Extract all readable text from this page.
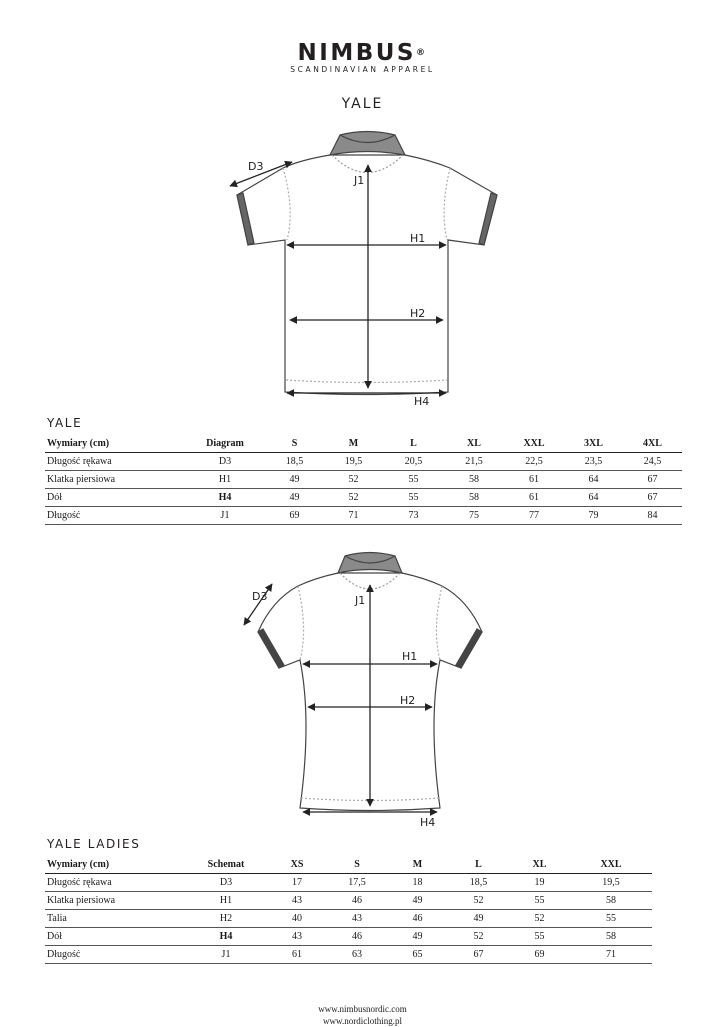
NIMBUS®
SCANDINAVIAN APPAREL
YALE
D3
J1
H1
H2
H4
YALE
Wymiary (cm)	Diagram	S	M	L	XL	XXL	3XL	4XL
Długość rękawa	D3	18,5	19,5	20,5	21,5	22,5	23,5	24,5
Klatka piersiowa	H1	49	52	55	58	61	64	67
Dół	H4	49	52	55	58	61	64	67
Długość	J1	69	71	73	75	77	79	84
D3	J1
H1
H2
H4
YALE LADIES
Wymiary (cm)	Schemat	XS	S	M	L	XL	XXL
Długość rękawa	D3	17	17,5	18	18,5	19	19,5
Klatka piersiowa	H1	43	46	49	52	55	58
Talia	H2	40	43	46	49	52	55
Dół	H4	43	46	49	52	55	58
Długość	J1	61	63	65	67	69	71
www.nimbusnordic.com
www.nordiclothing.pl
